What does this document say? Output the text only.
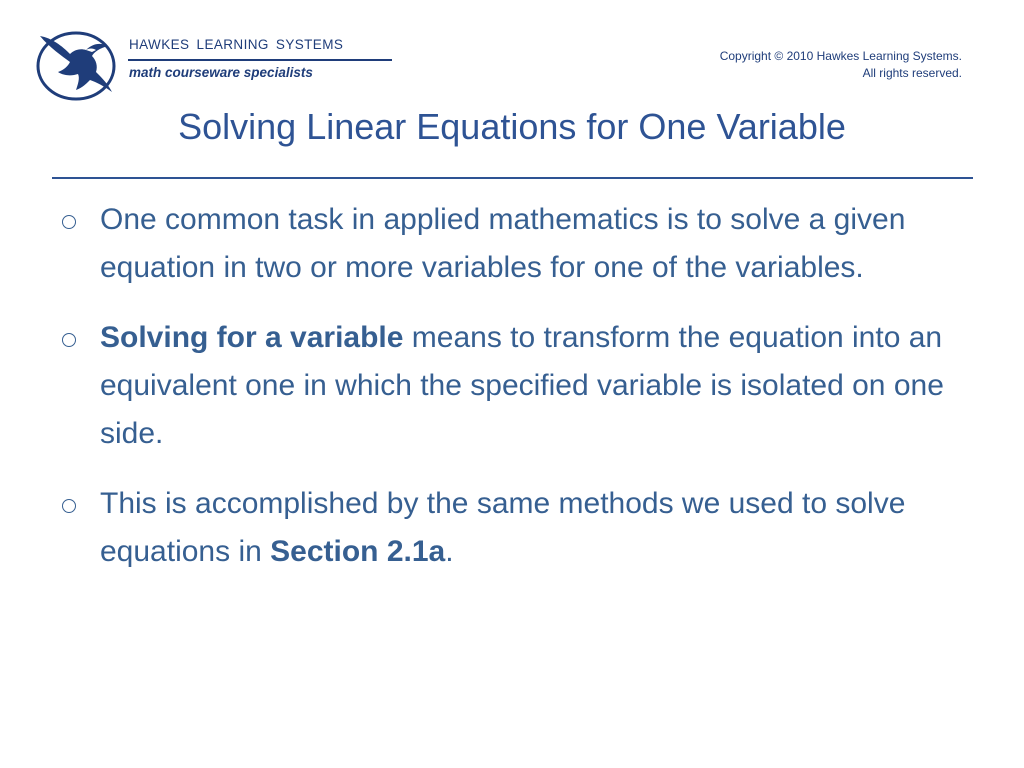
HAWKES LEARNING SYSTEMS
math courseware specialists
Copyright © 2010 Hawkes Learning Systems.
All rights reserved.
Solving Linear Equations for One Variable
One common task in applied mathematics is to solve a given equation in two or more variables for one of the variables.
Solving for a variable means to transform the equation into an equivalent one in which the specified variable is isolated on one side.
This is accomplished by the same methods we used to solve equations in Section 2.1a.
